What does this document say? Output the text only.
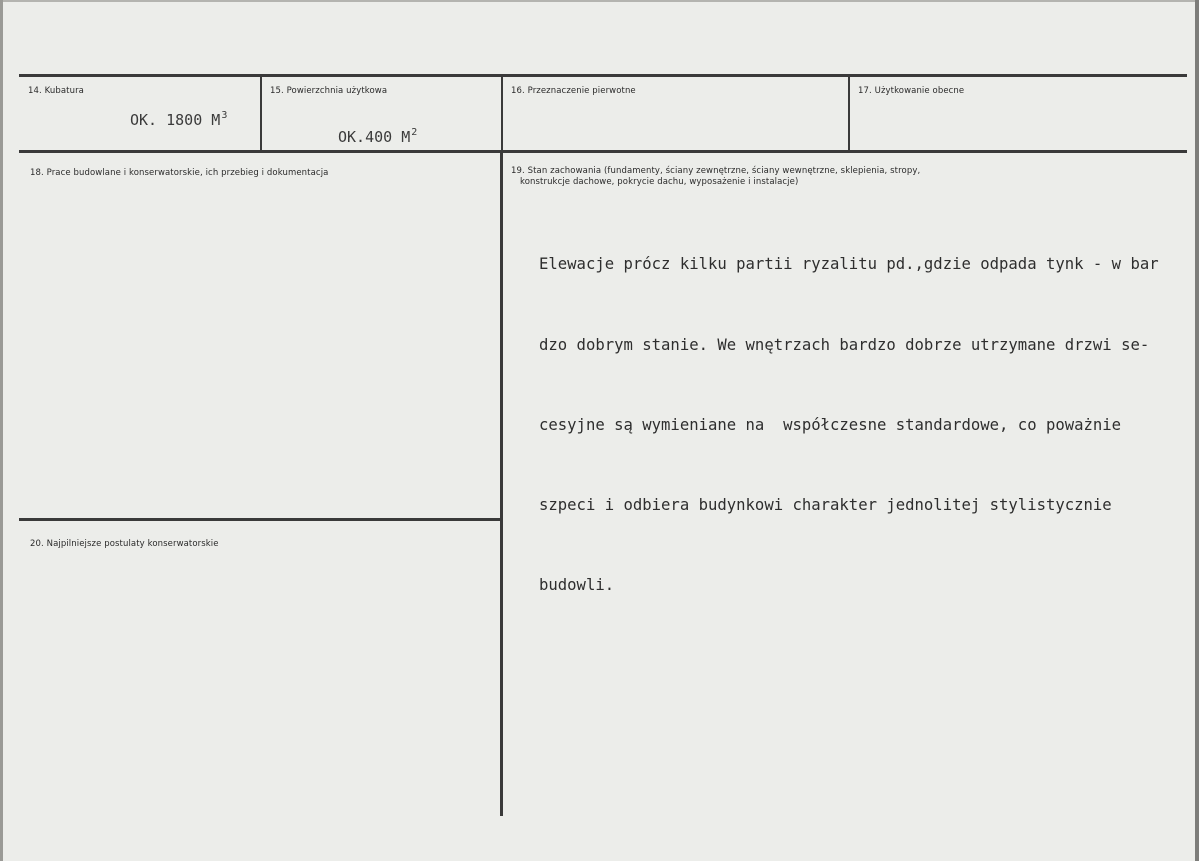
14. Kubatura
OK. 1800 $M^3$
15. Powierzchnia użytkowa
OK.400 $M^2$
16. Przeznaczenie pierwotne	17. Użytkowanie obecne
18. Prace budowlane i konserwatorskie, ich przebieg i dokumentacja	19. Stan zachowania (fundamenty, ściany zewnętrzne, ściany wewnętrzne, sklepienia, stropy,
konstrukcje dachowe, pokrycie dachu, wyposażenie i instalacje)

Elewacje prócz kilku partii ryzalitu pd.,gdzie odpada tynk - w bar

dzo dobrym stanie. We wnętrzach bardzo dobrze utrzymane drzwi se-

cesyjne są wymieniane na  współczesne standardowe, co poważnie

szpeci i odbiera budynkowi charakter jednolitej stylistycznie

budowli.

20. Najpilniejsze postulaty konserwatorskie
